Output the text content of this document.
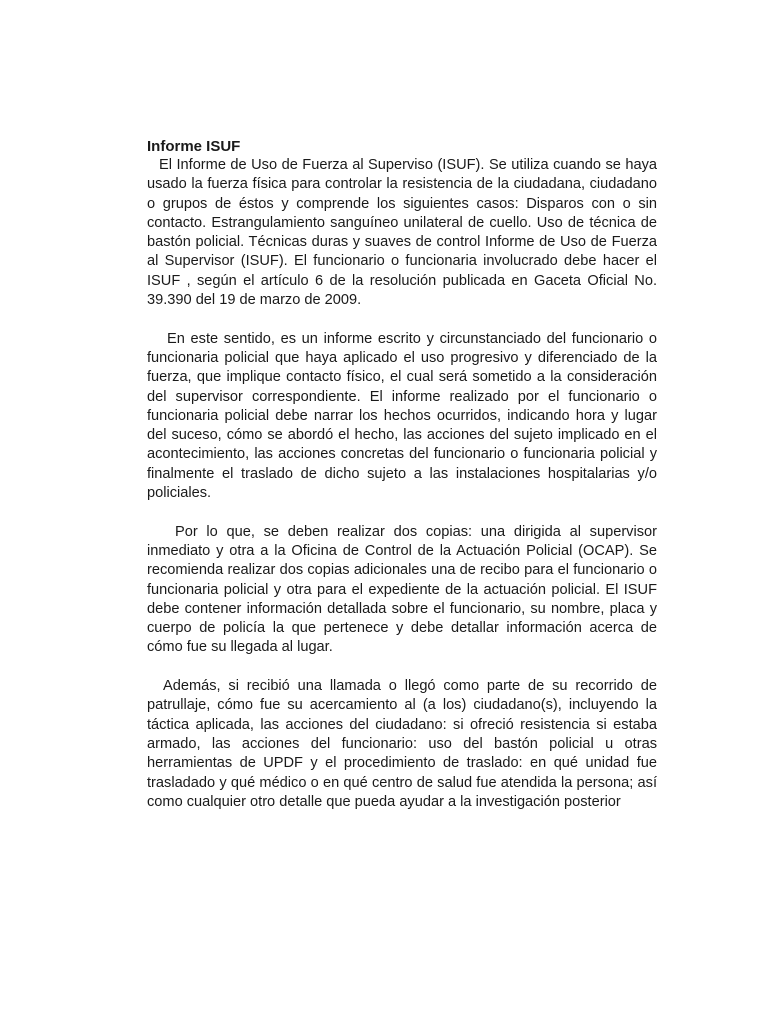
Informe ISUF

El Informe de Uso de Fuerza al Superviso (ISUF). Se utiliza cuando se haya usado la fuerza física para controlar la resistencia de la ciudadana, ciudadano o grupos de éstos y comprende los siguientes casos: Disparos con o sin contacto. Estrangulamiento sanguíneo unilateral de cuello. Uso de técnica de bastón policial. Técnicas duras y suaves de control Informe de Uso de Fuerza al Supervisor (ISUF). El funcionario o funcionaria involucrado debe hacer el ISUF , según el artículo 6 de la resolución publicada en Gaceta Oficial No. 39.390 del 19 de marzo de 2009.

En este sentido, es un informe escrito y circunstanciado del funcionario o funcionaria policial que haya aplicado el uso progresivo y diferenciado de la fuerza, que implique contacto físico, el cual será sometido a la consideración del supervisor correspondiente. El informe realizado por el funcionario o funcionaria policial debe narrar los hechos ocurridos, indicando hora y lugar del suceso, cómo se abordó el hecho, las acciones del sujeto implicado en el acontecimiento, las acciones concretas del funcionario o funcionaria policial y finalmente el traslado de dicho sujeto a las instalaciones hospitalarias y/o policiales.

Por lo que, se deben realizar dos copias: una dirigida al supervisor inmediato y otra a la Oficina de Control de la Actuación Policial (OCAP). Se recomienda realizar dos copias adicionales una de recibo para el funcionario o funcionaria policial y otra para el expediente de la actuación policial. El ISUF debe contener información detallada sobre el funcionario, su nombre, placa y cuerpo de policía la que pertenece y debe detallar información acerca de cómo fue su llegada al lugar.

Además, si recibió una llamada o llegó como parte de su recorrido de patrullaje, cómo fue su acercamiento al (a los) ciudadano(s), incluyendo la táctica aplicada, las acciones del ciudadano: si ofreció resistencia si estaba armado, las acciones del funcionario: uso del bastón policial u otras herramientas de UPDF y el procedimiento de traslado: en qué unidad fue trasladado y qué médico o en qué centro de salud fue atendida la persona; así como cualquier otro detalle que pueda ayudar a la investigación posterior
